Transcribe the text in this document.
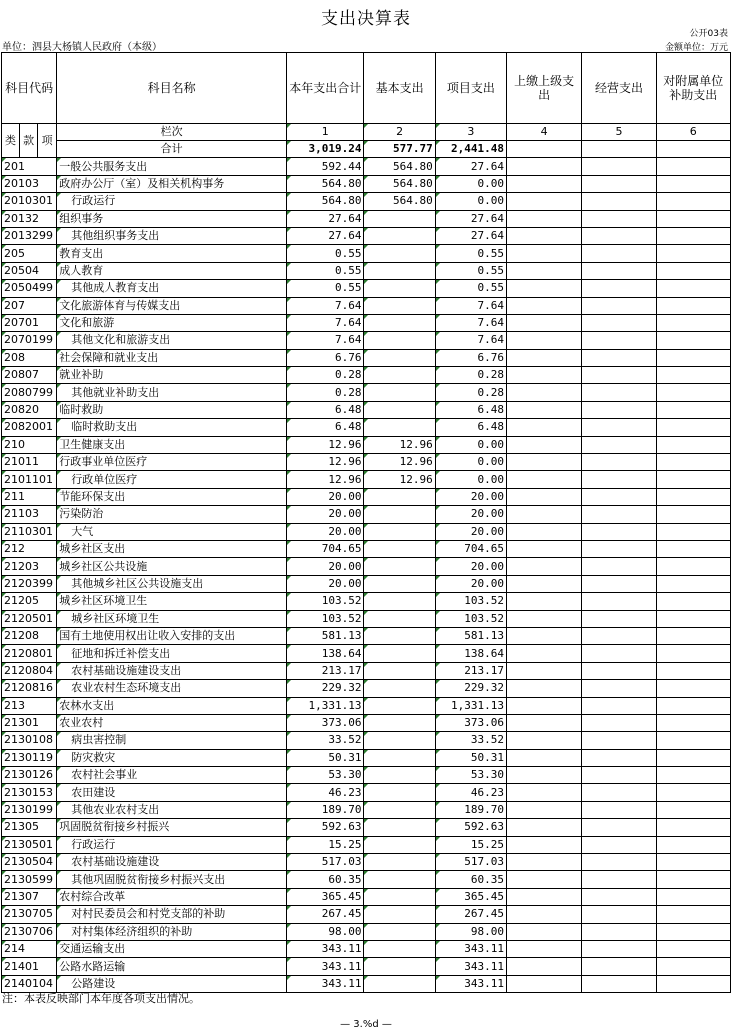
支出决算表
公开03表
单位：泗县大杨镇人民政府（本级）	金额单位：万元
科目代码			科目名称	本年支出合计	基本支出	项目支出	上缴上级支出	经营支出	对附属单位补助支出
类	款	项	栏次	1	2	3	4	5	6
			合计	3,019.24	577.77	2,441.48			
201			一般公共服务支出	592.44	564.80	27.64			
20103			政府办公厅（室）及相关机构事务	564.80	564.80	0.00			
2010301			行政运行	564.80	564.80	0.00			
20132			组织事务	27.64		27.64			
2013299			其他组织事务支出	27.64		27.64			
205			教育支出	0.55		0.55			
20504			成人教育	0.55		0.55			
2050499			其他成人教育支出	0.55		0.55			
207			文化旅游体育与传媒支出	7.64		7.64			
20701			文化和旅游	7.64		7.64			
2070199			其他文化和旅游支出	7.64		7.64			
208			社会保障和就业支出	6.76		6.76			
20807			就业补助	0.28		0.28			
2080799			其他就业补助支出	0.28		0.28			
20820			临时救助	6.48		6.48			
2082001			临时救助支出	6.48		6.48			
210			卫生健康支出	12.96	12.96	0.00			
21011			行政事业单位医疗	12.96	12.96	0.00			
2101101			行政单位医疗	12.96	12.96	0.00			
211			节能环保支出	20.00		20.00			
21103			污染防治	20.00		20.00			
2110301			大气	20.00		20.00			
212			城乡社区支出	704.65		704.65			
21203			城乡社区公共设施	20.00		20.00			
2120399			其他城乡社区公共设施支出	20.00		20.00			
21205			城乡社区环境卫生	103.52		103.52			
2120501			城乡社区环境卫生	103.52		103.52			
21208			国有土地使用权出让收入安排的支出	581.13		581.13			
2120801			征地和拆迁补偿支出	138.64		138.64			
2120804			农村基础设施建设支出	213.17		213.17			
2120816			农业农村生态环境支出	229.32		229.32			
213			农林水支出	1,331.13		1,331.13			
21301			农业农村	373.06		373.06			
2130108			病虫害控制	33.52		33.52			
2130119			防灾救灾	50.31		50.31			
2130126			农村社会事业	53.30		53.30			
2130153			农田建设	46.23		46.23			
2130199			其他农业农村支出	189.70		189.70			
21305			巩固脱贫衔接乡村振兴	592.63		592.63			
2130501			行政运行	15.25		15.25			
2130504			农村基础设施建设	517.03		517.03			
2130599			其他巩固脱贫衔接乡村振兴支出	60.35		60.35			
21307			农村综合改革	365.45		365.45			
2130705			对村民委员会和村党支部的补助	267.45		267.45			
2130706			对村集体经济组织的补助	98.00		98.00			
214			交通运输支出	343.11		343.11			
21401			公路水路运输	343.11		343.11			
2140104			公路建设	343.11		343.11			
注：本表反映部门本年度各项支出情况。
— 3.%d —
